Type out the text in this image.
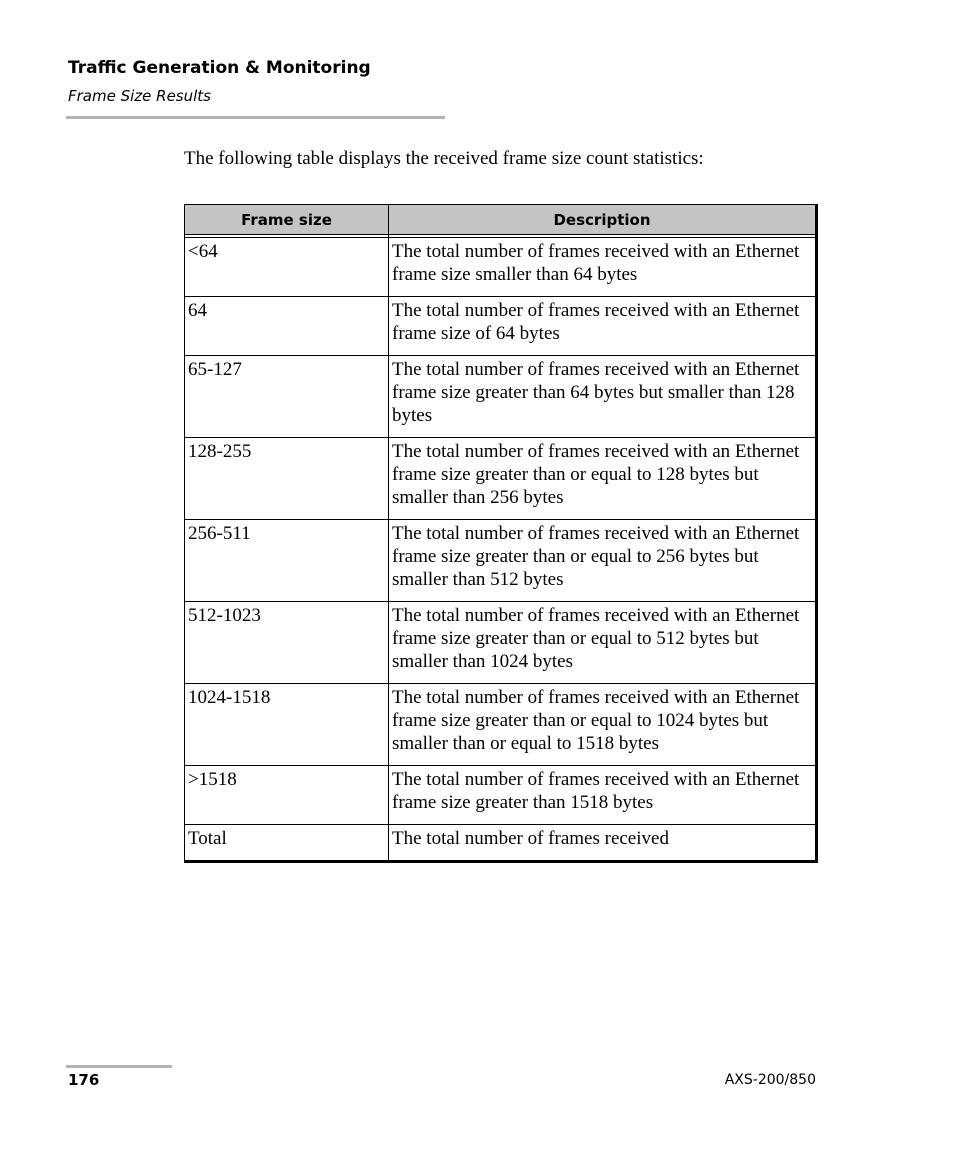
Traffic Generation & Monitoring
Frame Size Results
The following table displays the received frame size count statistics:
Frame size	Description

<64	The total number of frames received with an Ethernet frame size smaller than 64 bytes
64	The total number of frames received with an Ethernet frame size of 64 bytes
65-127	The total number of frames received with an Ethernet frame size greater than 64 bytes but smaller than 128 bytes
128-255	The total number of frames received with an Ethernet frame size greater than or equal to 128 bytes but smaller than 256 bytes
256-511	The total number of frames received with an Ethernet frame size greater than or equal to 256 bytes but smaller than 512 bytes
512-1023	The total number of frames received with an Ethernet frame size greater than or equal to 512 bytes but smaller than 1024 bytes
1024-1518	The total number of frames received with an Ethernet frame size greater than or equal to 1024 bytes but smaller than or equal to 1518 bytes
>1518	The total number of frames received with an Ethernet frame size greater than 1518 bytes
Total	The total number of frames received
176	AXS-200/850
